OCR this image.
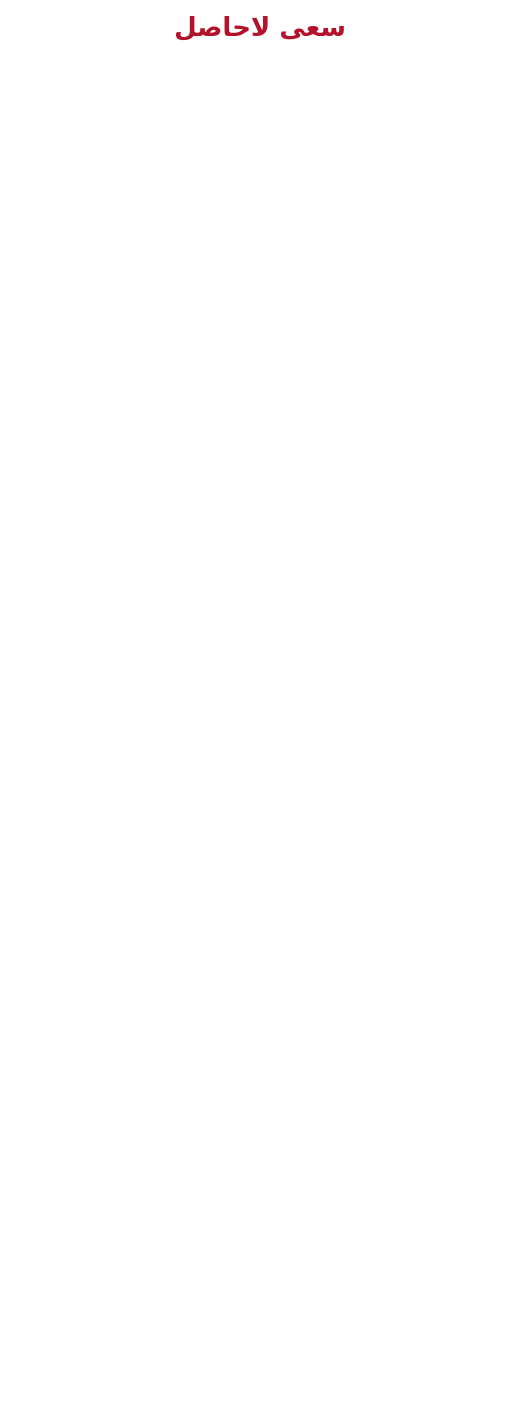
سعی لاحاصل
